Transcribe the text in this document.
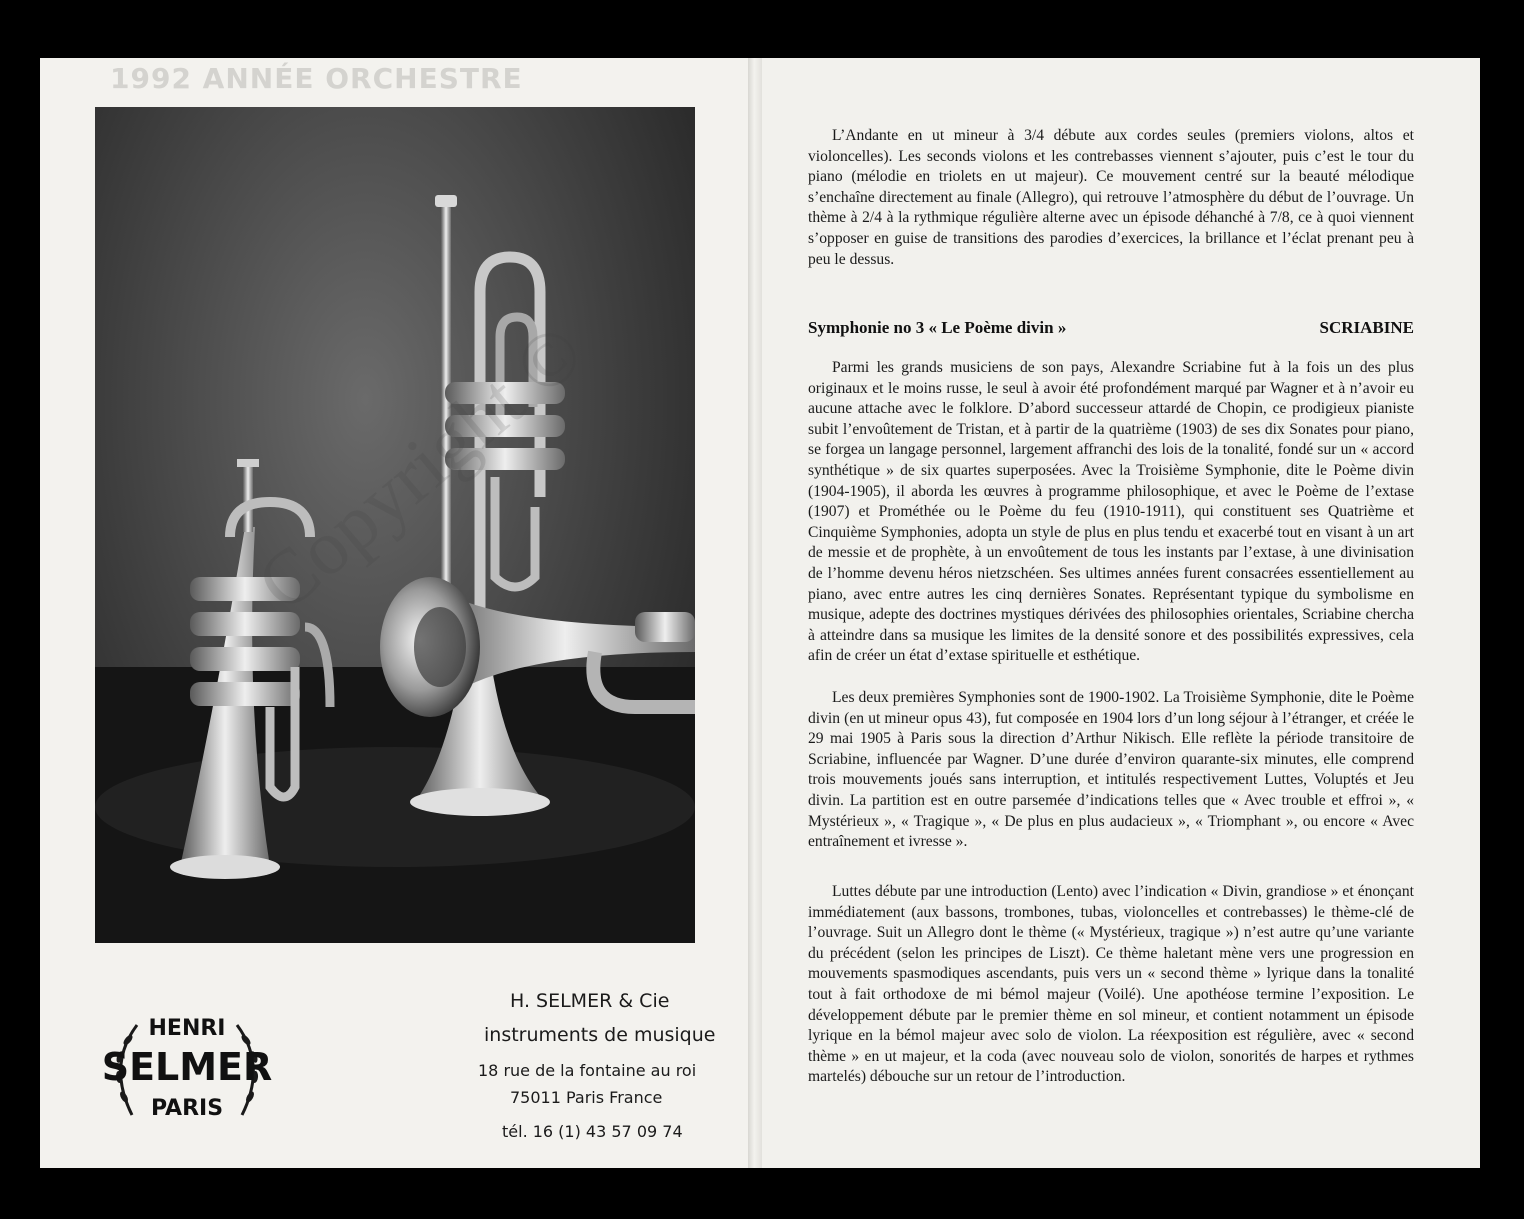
1992 ANNÉE ORCHESTRE
HENRI
SELMER
PARIS
H. SELMER & Cie
instruments de musique
18 rue de la fontaine au roi
75011 Paris France
tél. 16 (1) 43 57 09 74

L’Andante en ut mineur à 3/4 débute aux cordes seules (premiers violons, altos et violoncelles). Les seconds violons et les contrebasses viennent s’ajouter, puis c’est le tour du piano (mélodie en triolets en ut majeur). Ce mouvement centré sur la beauté mélodique s’enchaîne directement au finale (Allegro), qui retrouve l’atmosphère du début de l’ouvrage. Un thème à 2/4 à la rythmique régulière alterne avec un épisode déhanché à 7/8, ce à quoi viennent s’opposer en guise de transitions des parodies d’exercices, la brillance et l’éclat prenant peu à peu le dessus.

Symphonie no 3 « Le Poème divin »	SCRIABINE

Parmi les grands musiciens de son pays, Alexandre Scriabine fut à la fois un des plus originaux et le moins russe, le seul à avoir été profondément marqué par Wagner et à n’avoir eu aucune attache avec le folklore. D’abord successeur attardé de Chopin, ce prodigieux pianiste subit l’envoûtement de Tristan, et à partir de la quatrième (1903) de ses dix Sonates pour piano, se forgea un langage personnel, largement affranchi des lois de la tonalité, fondé sur un « accord synthétique » de six quartes superposées. Avec la Troisième Symphonie, dite le Poème divin (1904-1905), il aborda les œuvres à programme philosophique, et avec le Poème de l’extase (1907) et Prométhée ou le Poème du feu (1910-1911), qui constituent ses Quatrième et Cinquième Symphonies, adopta un style de plus en plus tendu et exacerbé tout en visant à un art de messie et de prophète, à un envoûtement de tous les instants par l’extase, à une divinisation de l’homme devenu héros nietzschéen. Ses ultimes années furent consacrées essentiellement au piano, avec entre autres les cinq dernières Sonates. Représentant typique du symbolisme en musique, adepte des doctrines mystiques dérivées des philosophies orientales, Scriabine chercha à atteindre dans sa musique les limites de la densité sonore et des possibilités expressives, cela afin de créer un état d’extase spirituelle et esthétique.

Les deux premières Symphonies sont de 1900-1902. La Troisième Symphonie, dite le Poème divin (en ut mineur opus 43), fut composée en 1904 lors d’un long séjour à l’étranger, et créée le 29 mai 1905 à Paris sous la direction d’Arthur Nikisch. Elle reflète la période transitoire de Scriabine, influencée par Wagner. D’une durée d’environ quarante-six minutes, elle comprend trois mouvements joués sans interruption, et intitulés respectivement Luttes, Voluptés et Jeu divin. La partition est en outre parsemée d’indications telles que « Avec trouble et effroi », « Mystérieux », « Tragique », « De plus en plus audacieux », « Triomphant », ou encore « Avec entraînement et ivresse ».

Luttes débute par une introduction (Lento) avec l’indication « Divin, grandiose » et énonçant immédiatement (aux bassons, trombones, tubas, violoncelles et contrebasses) le thème-clé de l’ouvrage. Suit un Allegro dont le thème (« Mystérieux, tragique ») n’est autre qu’une variante du précédent (selon les principes de Liszt). Ce thème haletant mène vers une progression en mouvements spasmodiques ascendants, puis vers un « second thème » lyrique dans la tonalité tout à fait orthodoxe de mi bémol majeur (Voilé). Une apothéose termine l’exposition. Le développement débute par le premier thème en sol mineur, et contient notamment un épisode lyrique en la bémol majeur avec solo de violon. La réexposition est régulière, avec « second thème » en ut majeur, et la coda (avec nouveau solo de violon, sonorités de harpes et rythmes martelés) débouche sur un retour de l’introduction.
